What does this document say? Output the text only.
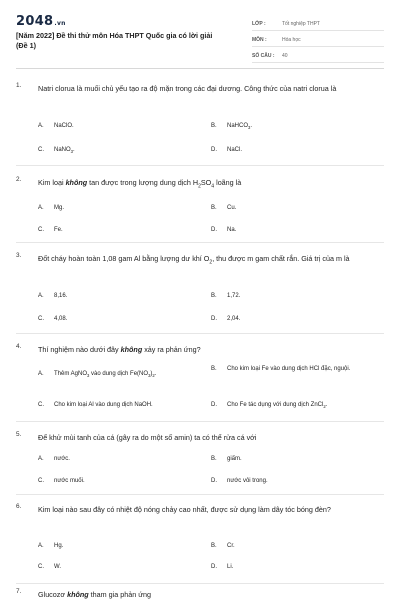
2048.vn
[Năm 2022] Đề thi thử môn Hóa THPT Quốc gia có lời giải (Đề 1)
LỚP :	Tốt nghiệp THPT
MÔN :	Hóa học
SỐ CÂU :	40
1. Natri clorua là muối chủ yếu tạo ra độ mặn trong các đại dương. Công thức của natri clorua là
A. NaClO.	B. NaHCO$_3$.
C. NaNO$_3$.	D. NaCl.
2. Kim loại không tan được trong lượng dung dịch $H_2SO_4$ loãng là
A. Mg.	B. Cu.
C. Fe.	D. Na.
3. Đốt cháy hoàn toàn 1,08 gam Al bằng lượng dư khí $O_2$, thu được m gam chất rắn. Giá trị của m là
A. 8,16.	B. 1,72.
C. 4,08.	D. 2,04.
4. Thí nghiệm nào dưới đây không xảy ra phản ứng?
A. Thêm AgNO$_3$ vào dung dịch $Fe(NO_3)_2$.
B. Cho kim loại Fe vào dung dịch HCl đặc, nguội.
C. Cho kim loại Al vào dung dịch NaOH.	D. Cho Fe tác dụng với dung dịch ZnCl$_2$.
5. Để khử mùi tanh của cá (gây ra do một số amin) ta có thể rửa cá với
A. nước.	B. giấm.
C. nước muối.	D. nước vôi trong.
6. Kim loại nào sau đây có nhiệt độ nóng chảy cao nhất, được sử dụng làm dây tóc bóng đèn?
A. Hg.	B. Cr.
C. W.	D. Li.
7. Glucozơ không tham gia phản ứng
